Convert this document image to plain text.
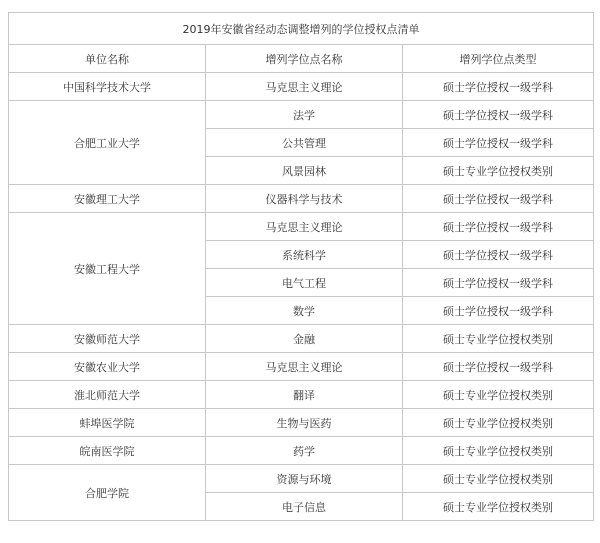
2019年安徽省经动态调整增列的学位授权点清单		
单位名称	增列学位点名称	增列学位点类型
中国科学技术大学	马克思主义理论	硕士学位授权一级学科
合肥工业大学	法学	硕士学位授权一级学科
	公共管理	硕士学位授权一级学科
	风景园林	硕士专业学位授权类别
安徽理工大学	仪器科学与技术	硕士学位授权一级学科
安徽工程大学	马克思主义理论	硕士学位授权一级学科
	系统科学	硕士学位授权一级学科
	电气工程	硕士学位授权一级学科
	数学	硕士学位授权一级学科
安徽师范大学	金融	硕士专业学位授权类别
安徽农业大学	马克思主义理论	硕士学位授权一级学科
淮北师范大学	翻译	硕士专业学位授权类别
蚌埠医学院	生物与医药	硕士专业学位授权类别
皖南医学院	药学	硕士专业学位授权类别
合肥学院	资源与环境	硕士专业学位授权类别
	电子信息	硕士专业学位授权类别
